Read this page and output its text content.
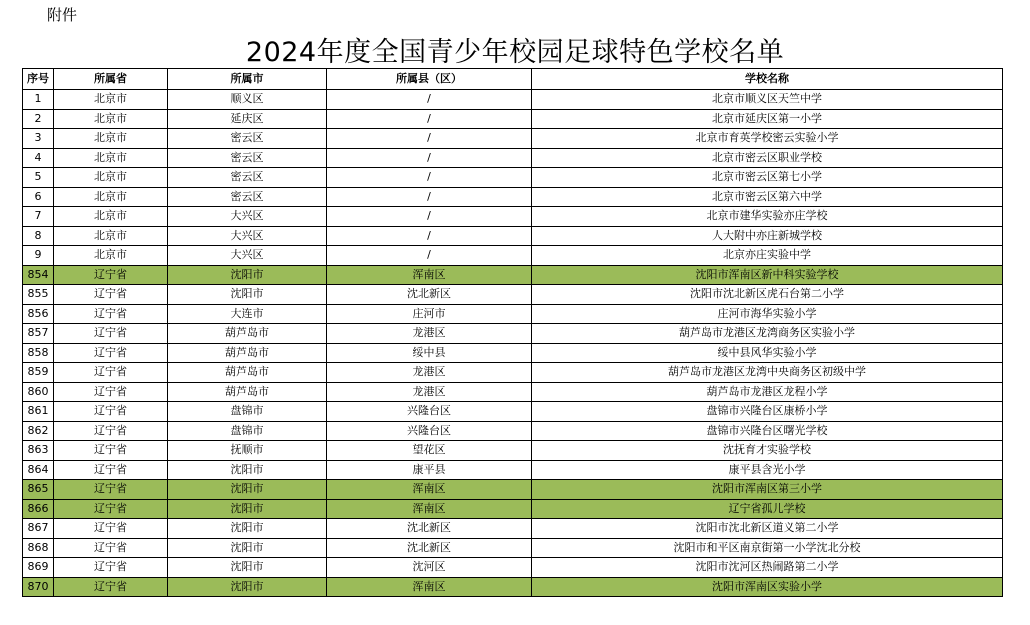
附件
2024年度全国青少年校园足球特色学校名单
序号	所属省	所属市	所属县（区）	学校名称
1	北京市	顺义区	/	北京市顺义区天竺中学
2	北京市	延庆区	/	北京市延庆区第一小学
3	北京市	密云区	/	北京市育英学校密云实验小学
4	北京市	密云区	/	北京市密云区职业学校
5	北京市	密云区	/	北京市密云区第七小学
6	北京市	密云区	/	北京市密云区第六中学
7	北京市	大兴区	/	北京市建华实验亦庄学校
8	北京市	大兴区	/	人大附中亦庄新城学校
9	北京市	大兴区	/	北京亦庄实验中学
854	辽宁省	沈阳市	浑南区	沈阳市浑南区新中科实验学校
855	辽宁省	沈阳市	沈北新区	沈阳市沈北新区虎石台第二小学
856	辽宁省	大连市	庄河市	庄河市海华实验小学
857	辽宁省	葫芦岛市	龙港区	葫芦岛市龙港区龙湾商务区实验小学
858	辽宁省	葫芦岛市	绥中县	绥中县风华实验小学
859	辽宁省	葫芦岛市	龙港区	葫芦岛市龙港区龙湾中央商务区初级中学
860	辽宁省	葫芦岛市	龙港区	葫芦岛市龙港区龙程小学
861	辽宁省	盘锦市	兴隆台区	盘锦市兴隆台区康桥小学
862	辽宁省	盘锦市	兴隆台区	盘锦市兴隆台区曙光学校
863	辽宁省	抚顺市	望花区	沈抚育才实验学校
864	辽宁省	沈阳市	康平县	康平县含光小学
865	辽宁省	沈阳市	浑南区	沈阳市浑南区第三小学
866	辽宁省	沈阳市	浑南区	辽宁省孤儿学校
867	辽宁省	沈阳市	沈北新区	沈阳市沈北新区道义第二小学
868	辽宁省	沈阳市	沈北新区	沈阳市和平区南京街第一小学沈北分校
869	辽宁省	沈阳市	沈河区	沈阳市沈河区热闹路第二小学
870	辽宁省	沈阳市	浑南区	沈阳市浑南区实验小学
